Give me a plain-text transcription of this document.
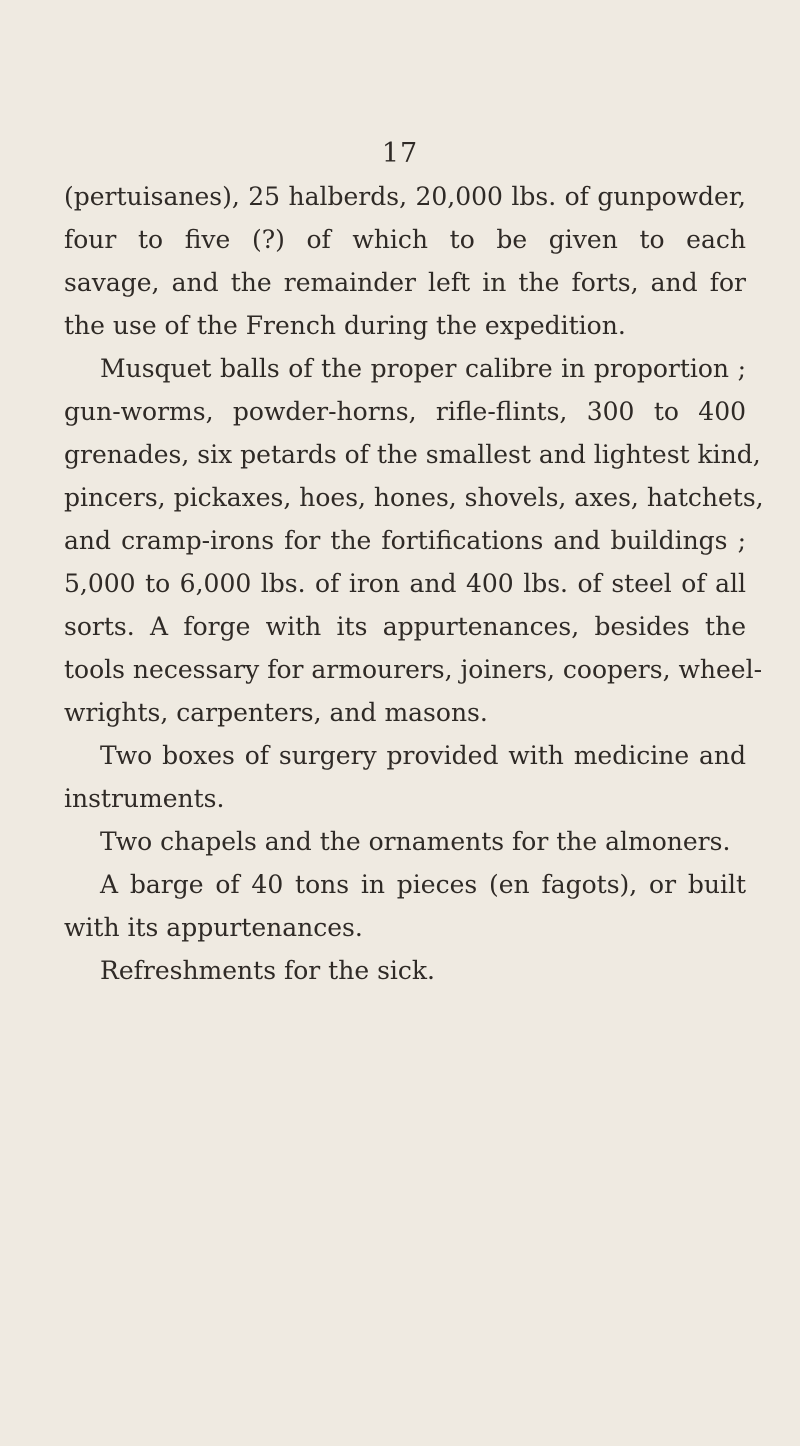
17
(pertuisanes), 25 halberds, 20,000 lbs. of gunpowder,
four to five (?) of which to be given to each
savage, and the remainder left in the forts, and for
the use of the French during the expedition.
Musquet balls of the proper calibre in proportion ;
gun-worms, powder-horns, rifle-flints, 300 to 400
grenades, six petards of the smallest and lightest kind,
pincers, pickaxes, hoes, hones, shovels, axes, hatchets,
and cramp-irons for the fortifications and buildings ;
5,000 to 6,000 lbs. of iron and 400 lbs. of steel of all
sorts. A forge with its appurtenances, besides the
tools necessary for armourers, joiners, coopers, wheel-
wrights, carpenters, and masons.
Two boxes of surgery provided with medicine and
instruments.
Two chapels and the ornaments for the almoners.
A barge of 40 tons in pieces (en fagots), or built
with its appurtenances.
Refreshments for the sick.
